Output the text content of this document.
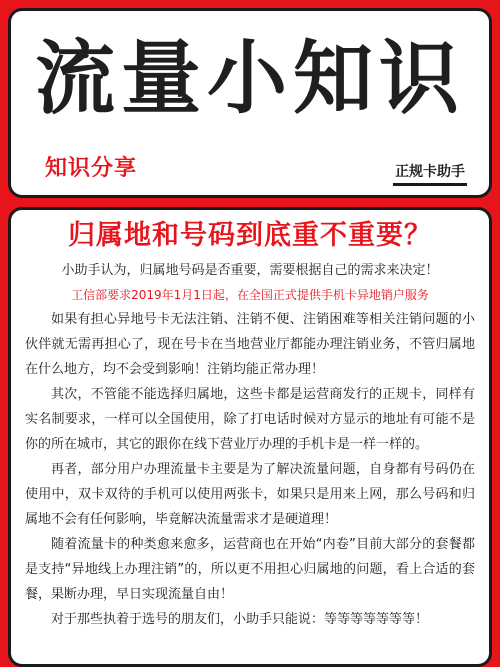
流量小知识
知识分享	正规卡助手
归属地和号码到底重不重要？

小助手认为，归属地号码是否重要，需要根据自己的需求来决定！

工信部要求2019年1月1日起，在全国正式提供手机卡异地销户服务

如果有担心异地号卡无法注销、注销不便、注销困难等相关注销问题的小伙伴就无需再担心了，现在号卡在当地营业厅都能办理注销业务，不管归属地在什么地方，均不会受到影响！注销均能正常办理！

其次，不管能不能选择归属地，这些卡都是运营商发行的正规卡，同样有实名制要求，一样可以全国使用，除了打电话时候对方显示的地址有可能不是你的所在城市，其它的跟你在线下营业厅办理的手机卡是一样一样的。

再者，部分用户办理流量卡主要是为了解决流量问题，自身都有号码仍在使用中，双卡双待的手机可以使用两张卡，如果只是用来上网，那么号码和归属地不会有任何影响，毕竟解决流量需求才是硬道理！

随着流量卡的种类愈来愈多，运营商也在开始“内卷”目前大部分的套餐都是支持“异地线上办理注销”的，所以更不用担心归属地的问题，看上合适的套餐，果断办理，早日实现流量自由！

对于那些执着于选号的朋友们，小助手只能说：等等等等等等等！
